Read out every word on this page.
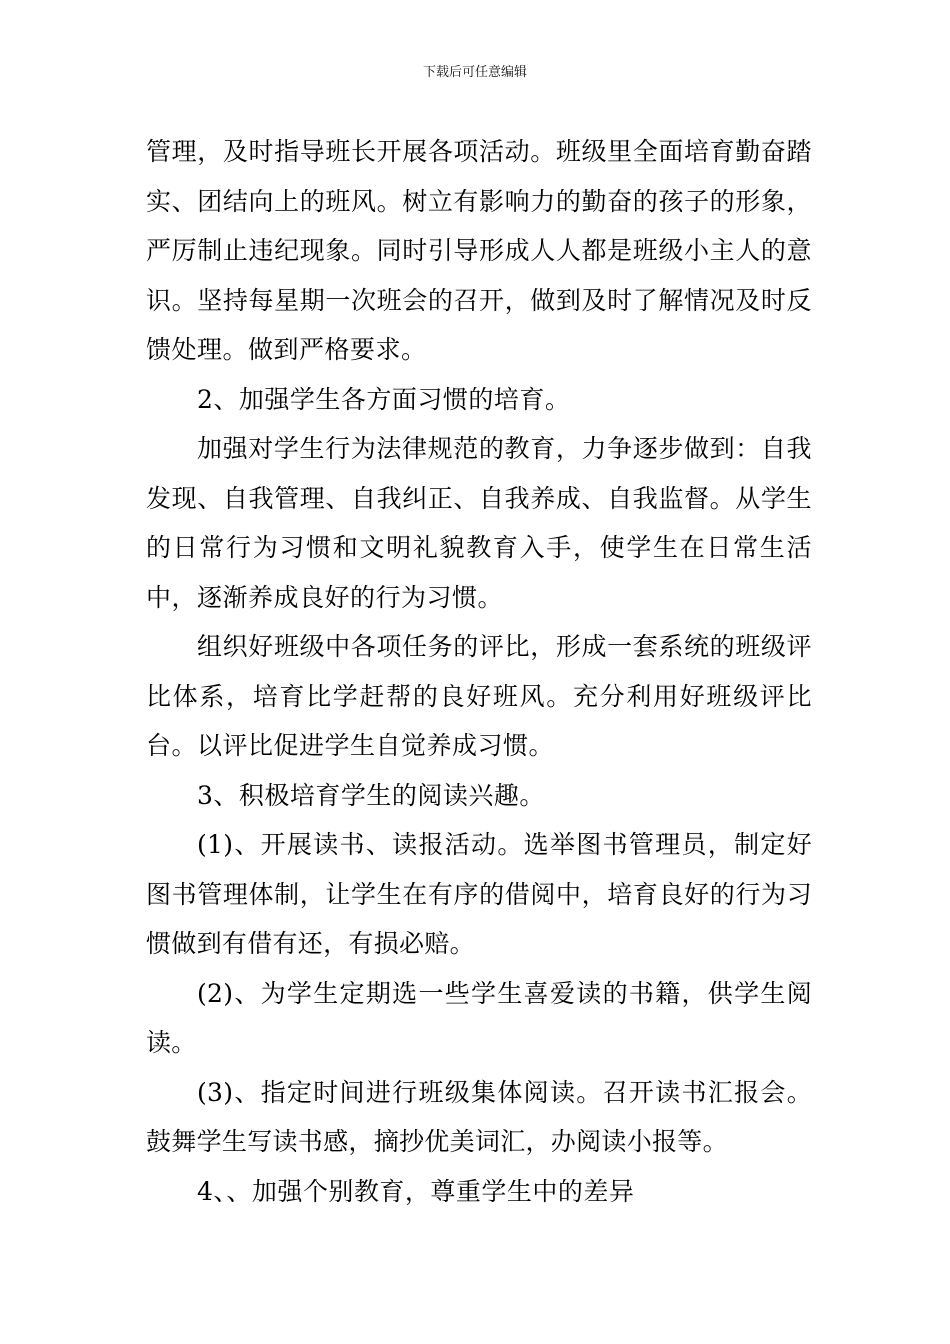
下载后可任意编辑

管理，及时指导班长开展各项活动。班级里全面培育勤奋踏实、团结向上的班风。树立有影响力的勤奋的孩子的形象，严厉制止违纪现象。同时引导形成人人都是班级小主人的意识。坚持每星期一次班会的召开，做到及时了解情况及时反馈处理。做到严格要求。

2、加强学生各方面习惯的培育。

加强对学生行为法律规范的教育，力争逐步做到：自我发现、自我管理、自我纠正、自我养成、自我监督。从学生的日常行为习惯和文明礼貌教育入手，使学生在日常生活中，逐渐养成良好的行为习惯。

组织好班级中各项任务的评比，形成一套系统的班级评比体系，培育比学赶帮的良好班风。充分利用好班级评比台。以评比促进学生自觉养成习惯。

3、积极培育学生的阅读兴趣。

(1)、开展读书、读报活动。选举图书管理员，制定好图书管理体制，让学生在有序的借阅中，培育良好的行为习惯做到有借有还，有损必赔。

(2)、为学生定期选一些学生喜爱读的书籍，供学生阅读。

(3)、指定时间进行班级集体阅读。召开读书汇报会。鼓舞学生写读书感，摘抄优美词汇，办阅读小报等。

4、、加强个别教育，尊重学生中的差异
